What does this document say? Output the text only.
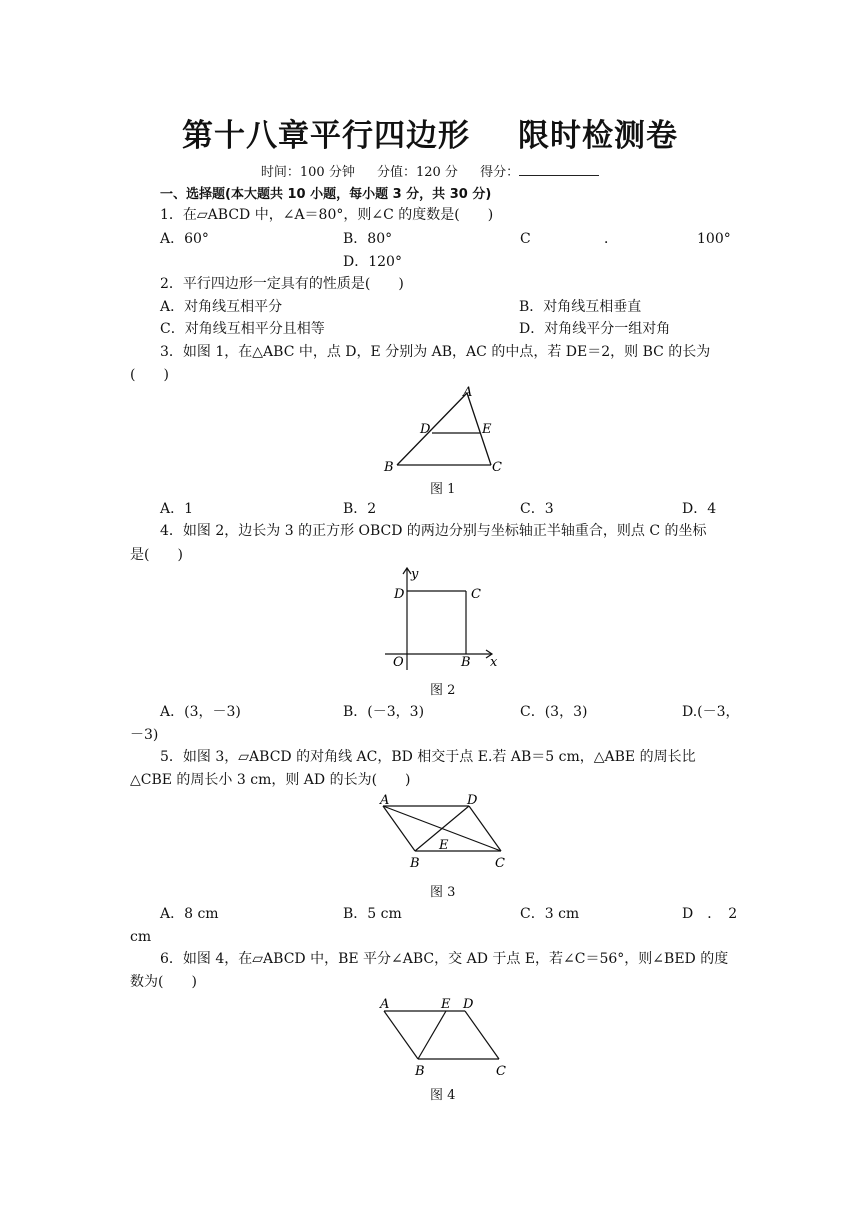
第十八章平行四边形 限时检测卷
时间：100 分钟 分值：120 分 得分：
一、选择题(本大题共 10 小题，每小题 3 分，共 30 分)
1．在▱ABCD 中，∠A＝80°，则∠C 的度数是(　　)
A．60°	B．80°	C	．	100°
D．120°
2．平行四边形一定具有的性质是(　　)
A．对角线互相平分	B．对角线互相垂直
C．对角线互相平分且相等	D．对角线平分一组对角
3．如图 1，在△ABC 中，点 D，E 分别为 AB，AC 的中点，若 DE＝2，则 BC 的长为
(　　)
A
D	E
B	C
图 1
A．1	B．2	C．3	D．4
4．如图 2，边长为 3 的正方形 OBCD 的两边分别与坐标轴正半轴重合，则点 C 的坐标
是(　　)
y
x
O	B
C
D
图 2
A．(3，－3)	B．(－3，3)	C．(3，3)	D.(－3，
－3)
5．如图 3，▱ABCD 的对角线 AC，BD 相交于点 E.若 AB＝5 cm，△ABE 的周长比
△CBE 的周长小 3 cm，则 AD 的长为(　　)
A	D
E
B	C
图 3
A．8 cm	B．5 cm	C．3 cm	D　．　2
cm
6．如图 4，在▱ABCD 中，BE 平分∠ABC，交 AD 于点 E，若∠C＝56°，则∠BED 的度
数为(　　)
A	E D
B	C
图 4
